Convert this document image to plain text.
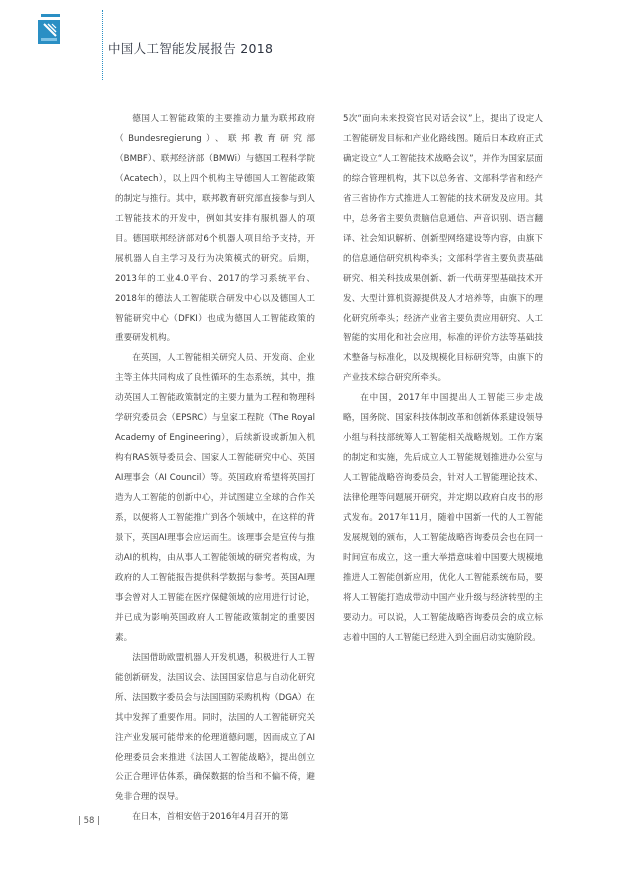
中国人工智能发展报告 2018

德国人工智能政策的主要推动力量为联邦政府（Bundesregierung）、联邦教育研究部（BMBF）、联邦经济部（BMWi）与德国工程科学院（Acatech），以上四个机构主导德国人工智能政策的制定与推行。其中，联邦教育研究部直接参与到人工智能技术的开发中，例如其安排有服机器人的项目。德国联邦经济部对6个机器人项目给予支持，开展机器人自主学习及行为决策模式的研究。后期，2013年的工业4.0平台、2017的学习系统平台、2018年的德法人工智能联合研发中心以及德国人工智能研究中心（DFKI）也成为德国人工智能政策的重要研发机构。

在英国，人工智能相关研究人员、开发商、企业主等主体共同构成了良性循环的生态系统，其中，推动英国人工智能政策制定的主要力量为工程和物理科学研究委员会（EPSRC）与皇家工程院（The Royal Academy of Engineering），后续新设或新加入机构有RAS领导委员会、国家人工智能研究中心、英国AI理事会（AI Council）等。英国政府希望将英国打造为人工智能的创新中心，并试图建立全球的合作关系，以便将人工智能推广到各个领域中，在这样的背景下，英国AI理事会应运而生。该理事会是宣传与推动AI的机构，由从事人工智能领域的研究者构成，为政府的人工智能报告提供科学数据与参考。英国AI理事会曾对人工智能在医疗保健领域的应用进行讨论，并已成为影响英国政府人工智能政策制定的重要因素。

法国借助欧盟机器人开发机遇，积极进行人工智能创新研发，法国议会、法国国家信息与自动化研究所、法国数字委员会与法国国防采购机构（DGA）在其中发挥了重要作用。同时，法国的人工智能研究关注产业发展可能带来的伦理道德问题，因而成立了AI伦理委员会来推进《法国人工智能战略》，提出创立公正合理评估体系，确保数据的恰当和不偏不倚，避免非合理的误导。

在日本，首相安倍于2016年4月召开的第

5次“面向未来投资官民对话会议”上，提出了设定人工智能研发目标和产业化路线图。随后日本政府正式确定设立“人工智能技术战略会议”，并作为国家层面的综合管理机构，其下以总务省、文部科学省和经产省三省协作方式推进人工智能的技术研发及应用。其中，总务省主要负责脑信息通信、声音识别、语言翻译、社会知识解析、创新型网络建设等内容，由旗下的信息通信研究机构牵头；文部科学省主要负责基础研究、相关科技成果创新、新一代萌芽型基础技术开发、大型计算机资源提供及人才培养等，由旗下的理化研究所牵头；经济产业省主要负责应用研究、人工智能的实用化和社会应用，标准的评价方法等基础技术整备与标准化，以及规模化目标研究等，由旗下的产业技术综合研究所牵头。

在中国，2017年中国提出人工智能三步走战略，国务院、国家科技体制改革和创新体系建设领导小组与科技部统筹人工智能相关战略规划。工作方案的制定和实施，先后成立人工智能规划推进办公室与人工智能战略咨询委员会，针对人工智能理论技术、法律伦理等问题展开研究，并定期以政府白皮书的形式发布。2017年11月，随着中国新一代的人工智能发展规划的颁布，人工智能战略咨询委员会也在同一时间宣布成立，这一重大举措意味着中国要大规模地推进人工智能创新应用，优化人工智能系统布局，要将人工智能打造成带动中国产业升级与经济转型的主要动力。可以说，人工智能战略咨询委员会的成立标志着中国的人工智能已经进入到全面启动实施阶段。

| 58 |
